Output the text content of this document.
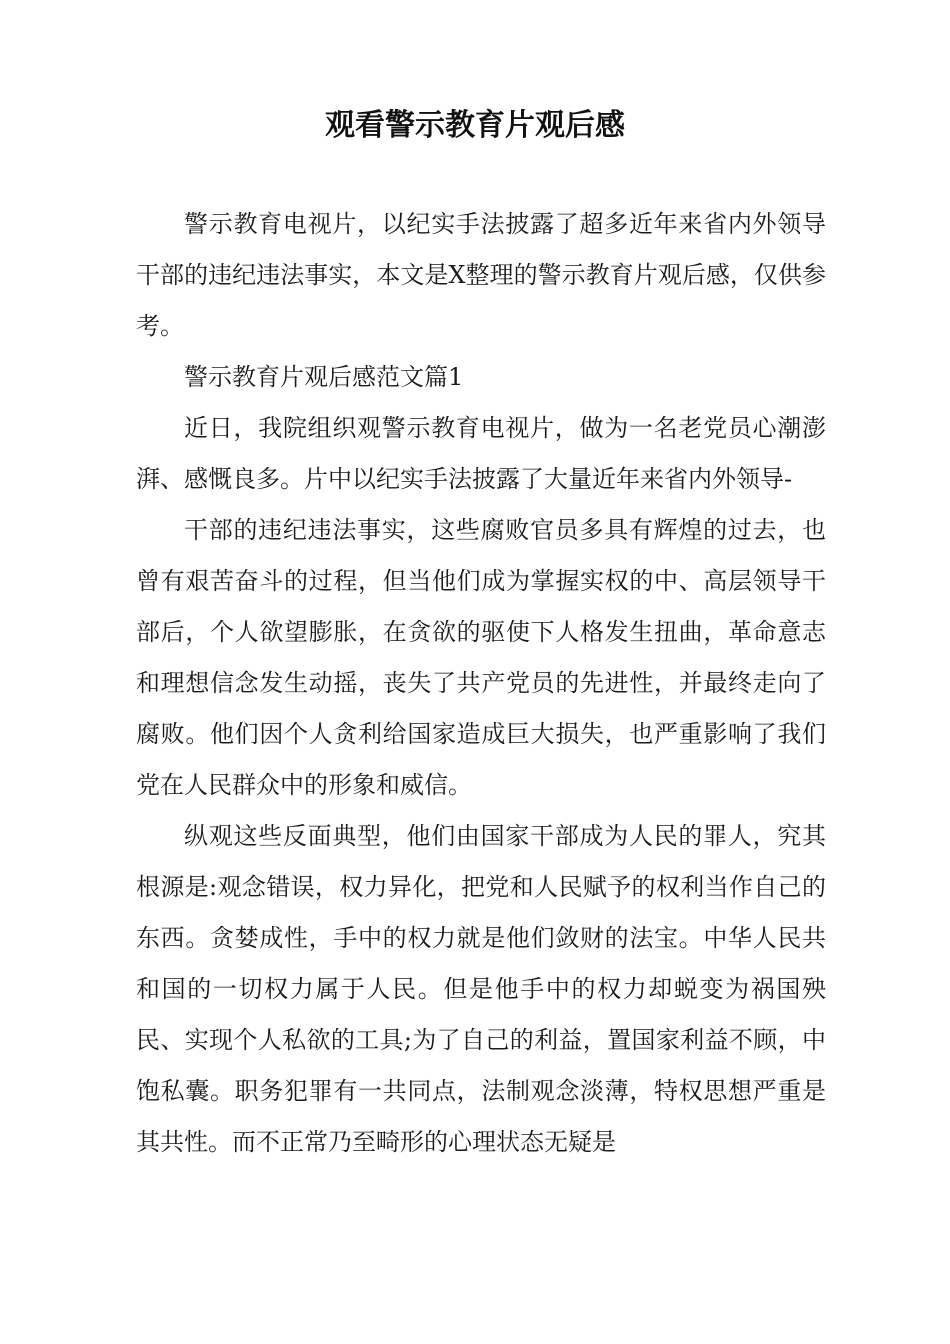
观看警示教育片观后感

警示教育电视片，以纪实手法披露了超多近年来省内外领导干部的违纪违法事实，本文是X整理的警示教育片观后感，仅供参考。

警示教育片观后感范文篇1

近日，我院组织观警示教育电视片，做为一名老党员心潮澎湃、感慨良多。片中以纪实手法披露了大量近年来省内外领导-

干部的违纪违法事实，这些腐败官员多具有辉煌的过去，也曾有艰苦奋斗的过程，但当他们成为掌握实权的中、高层领导干部后，个人欲望膨胀，在贪欲的驱使下人格发生扭曲，革命意志和理想信念发生动摇，丧失了共产党员的先进性，并最终走向了腐败。他们因个人贪利给国家造成巨大损失，也严重影响了我们党在人民群众中的形象和威信。

纵观这些反面典型，他们由国家干部成为人民的罪人，究其根源是:观念错误，权力异化，把党和人民赋予的权利当作自己的东西。贪婪成性，手中的权力就是他们敛财的法宝。中华人民共和国的一切权力属于人民。但是他手中的权力却蜕变为祸国殃民、实现个人私欲的工具;为了自己的利益，置国家利益不顾，中饱私囊。职务犯罪有一共同点，法制观念淡薄，特权思想严重是其共性。而不正常乃至畸形的心理状态无疑是
